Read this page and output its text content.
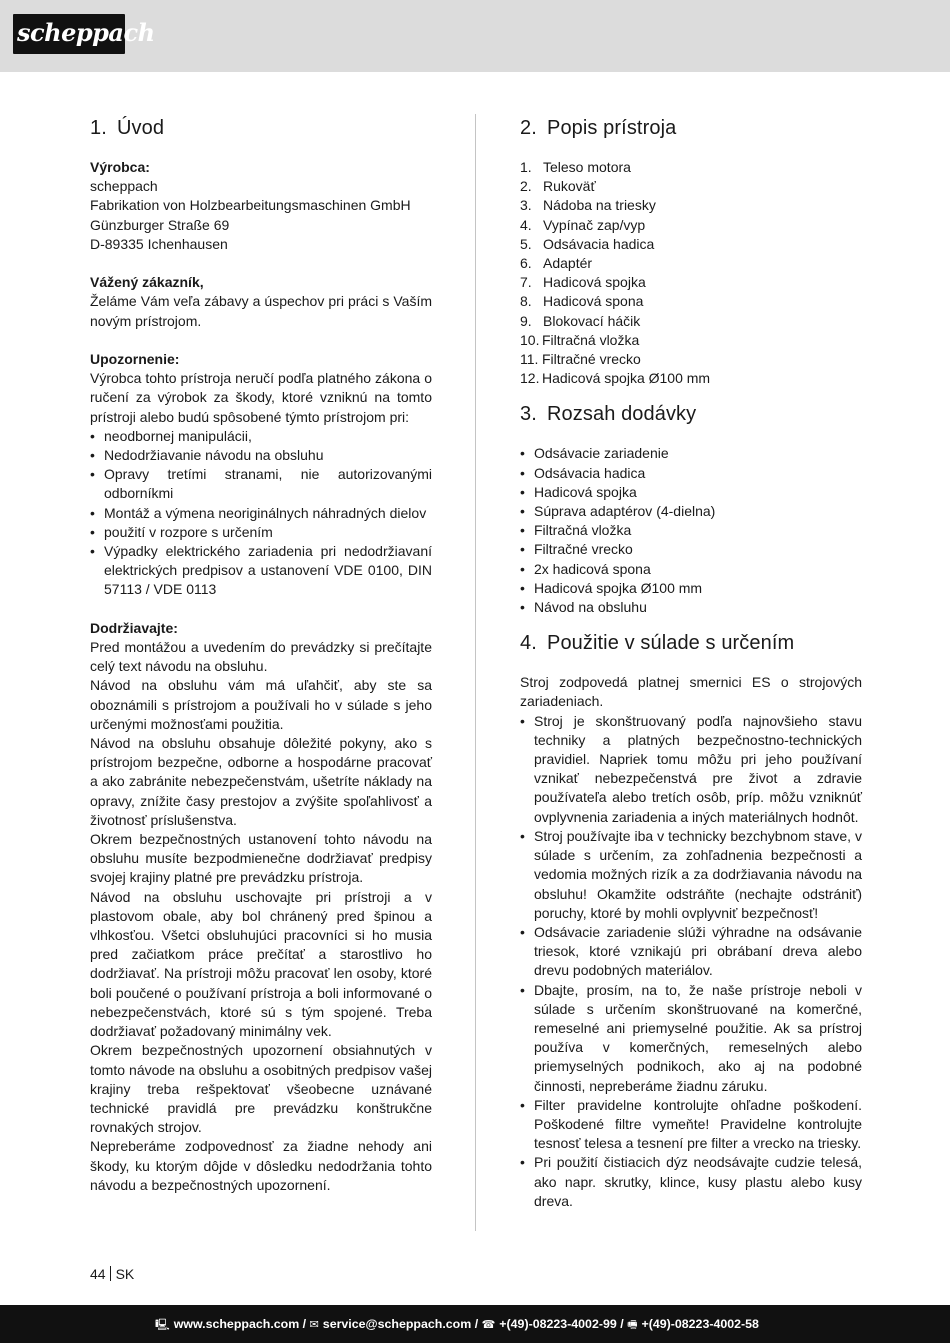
scheppach
1. Úvod
Výrobca:
scheppach
Fabrikation von Holzbearbeitungsmaschinen GmbH
Günzburger Straße 69
D-89335 Ichenhausen
Vážený zákazník,
Želáme Vám veľa zábavy a úspechov pri práci s Vaším novým prístrojom.
Upozornenie:
Výrobca tohto prístroja neručí podľa platného zákona o ručení za výrobok za škody, ktoré vzniknú na tomto prístroji alebo budú spôsobené týmto prístrojom pri:
• neodbornej manipulácii,
• Nedodržiavanie návodu na obsluhu
• Opravy tretími stranami, nie autorizovanými odborníkmi
• Montáž a výmena neoriginálnych náhradných dielov
• použití v rozpore s určením
• Výpadky elektrického zariadenia pri nedodržiavaní elektrických predpisov a ustanovení VDE 0100, DIN 57113 / VDE 0113
Dodržiavajte:
Pred montážou a uvedením do prevádzky si prečítajte celý text návodu na obsluhu.
Návod na obsluhu vám má uľahčiť, aby ste sa oboznámili s prístrojom a používali ho v súlade s jeho určenými možnosťami použitia.
Návod na obsluhu obsahuje dôležité pokyny, ako s prístrojom bezpečne, odborne a hospodárne pracovať a ako zabránite nebezpečenstvám, ušetríte náklady na opravy, znížite časy prestojov a zvýšite spoľahlivosť a životnosť príslušenstva.
Okrem bezpečnostných ustanovení tohto návodu na obsluhu musíte bezpodmienečne dodržiavať predpisy svojej krajiny platné pre prevádzku prístroja.
Návod na obsluhu uschovajte pri prístroji a v plastovom obale, aby bol chránený pred špinou a vlhkosťou. Všetci obsluhujúci pracovníci si ho musia pred začiatkom práce prečítať a starostlivo ho dodržiavať. Na prístroji môžu pracovať len osoby, ktoré boli poučené o používaní prístroja a boli informované o nebezpečenstvách, ktoré sú s tým spojené. Treba dodržiavať požadovaný minimálny vek.
Okrem bezpečnostných upozornení obsiahnutých v tomto návode na obsluhu a osobitných predpisov vašej krajiny treba rešpektovať všeobecne uznávané technické pravidlá pre prevádzku konštrukčne rovnakých strojov.
Nepreberáme zodpovednosť za žiadne nehody ani škody, ku ktorým dôjde v dôsledku nedodržania tohto návodu a bezpečnostných upozornení.
2. Popis prístroja
1. Teleso motora
2. Rukoväť
3. Nádoba na triesky
4. Vypínač zap/vyp
5. Odsávacia hadica
6. Adaptér
7. Hadicová spojka
8. Hadicová spona
9. Blokovací háčik
10. Filtračná vložka
11. Filtračné vrecko
12. Hadicová spojka Ø100 mm
3. Rozsah dodávky
• Odsávacie zariadenie
• Odsávacia hadica
• Hadicová spojka
• Súprava adaptérov (4-dielna)
• Filtračná vložka
• Filtračné vrecko
• 2x hadicová spona
• Hadicová spojka Ø100 mm
• Návod na obsluhu
4. Použitie v súlade s určením
Stroj zodpovedá platnej smernici ES o strojových zariadeniach.
• Stroj je skonštruovaný podľa najnovšieho stavu techniky a platných bezpečnostno-technických pravidiel. Napriek tomu môžu pri jeho používaní vznikať nebezpečenstvá pre život a zdravie používateľa alebo tretích osôb, príp. môžu vzniknúť ovplyvnenia zariadenia a iných materiálnych hodnôt.
• Stroj používajte iba v technicky bezchybnom stave, v súlade s určením, za zohľadnenia bezpečnosti a vedomia možných rizík a za dodržiavania návodu na obsluhu! Okamžite odstráňte (nechajte odstrániť) poruchy, ktoré by mohli ovplyvniť bezpečnosť!
• Odsávacie zariadenie slúži výhradne na odsávanie triesok, ktoré vznikajú pri obrábaní dreva alebo drevu podobných materiálov.
• Dbajte, prosím, na to, že naše prístroje neboli v súlade s určením skonštruované na komerčné, remeselné ani priemyselné použitie. Ak sa prístroj používa v komerčných, remeselných alebo priemyselných podnikoch, ako aj na podobné činnosti, nepreberáme žiadnu záruku.
• Filter pravidelne kontrolujte ohľadne poškodení. Poškodené filtre vymeňte! Pravidelne kontrolujte tesnosť telesa a tesnení pre filter a vrecko na triesky.
• Pri použití čistiacich dýz neodsávajte cudzie telesá, ako napr. skrutky, klince, kusy plastu alebo kusy dreva.
44 SK
🖳 www.scheppach.com / ✉ service@scheppach.com / ☎ +(49)-08223-4002-99 / 🖷 +(49)-08223-4002-58
